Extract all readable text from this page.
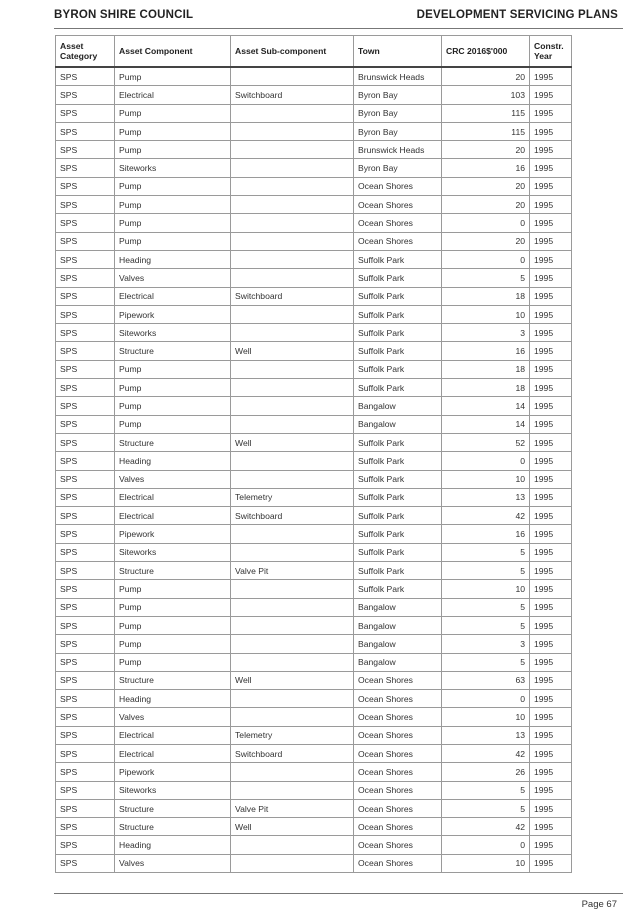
BYRON SHIRE COUNCIL	DEVELOPMENT SERVICING PLANS
Asset Category	Asset Component	Asset Sub-component	Town	CRC 2016$'000	Constr. Year
SPS	Pump		Brunswick Heads	20	1995
SPS	Electrical	Switchboard	Byron Bay	103	1995
SPS	Pump		Byron Bay	115	1995
SPS	Pump		Byron Bay	115	1995
SPS	Pump		Brunswick Heads	20	1995
SPS	Siteworks		Byron Bay	16	1995
SPS	Pump		Ocean Shores	20	1995
SPS	Pump		Ocean Shores	20	1995
SPS	Pump		Ocean Shores	0	1995
SPS	Pump		Ocean Shores	20	1995
SPS	Heading		Suffolk Park	0	1995
SPS	Valves		Suffolk Park	5	1995
SPS	Electrical	Switchboard	Suffolk Park	18	1995
SPS	Pipework		Suffolk Park	10	1995
SPS	Siteworks		Suffolk Park	3	1995
SPS	Structure	Well	Suffolk Park	16	1995
SPS	Pump		Suffolk Park	18	1995
SPS	Pump		Suffolk Park	18	1995
SPS	Pump		Bangalow	14	1995
SPS	Pump		Bangalow	14	1995
SPS	Structure	Well	Suffolk Park	52	1995
SPS	Heading		Suffolk Park	0	1995
SPS	Valves		Suffolk Park	10	1995
SPS	Electrical	Telemetry	Suffolk Park	13	1995
SPS	Electrical	Switchboard	Suffolk Park	42	1995
SPS	Pipework		Suffolk Park	16	1995
SPS	Siteworks		Suffolk Park	5	1995
SPS	Structure	Valve Pit	Suffolk Park	5	1995
SPS	Pump		Suffolk Park	10	1995
SPS	Pump		Bangalow	5	1995
SPS	Pump		Bangalow	5	1995
SPS	Pump		Bangalow	3	1995
SPS	Pump		Bangalow	5	1995
SPS	Structure	Well	Ocean Shores	63	1995
SPS	Heading		Ocean Shores	0	1995
SPS	Valves		Ocean Shores	10	1995
SPS	Electrical	Telemetry	Ocean Shores	13	1995
SPS	Electrical	Switchboard	Ocean Shores	42	1995
SPS	Pipework		Ocean Shores	26	1995
SPS	Siteworks		Ocean Shores	5	1995
SPS	Structure	Valve Pit	Ocean Shores	5	1995
SPS	Structure	Well	Ocean Shores	42	1995
SPS	Heading		Ocean Shores	0	1995
SPS	Valves		Ocean Shores	10	1995
Page 67
